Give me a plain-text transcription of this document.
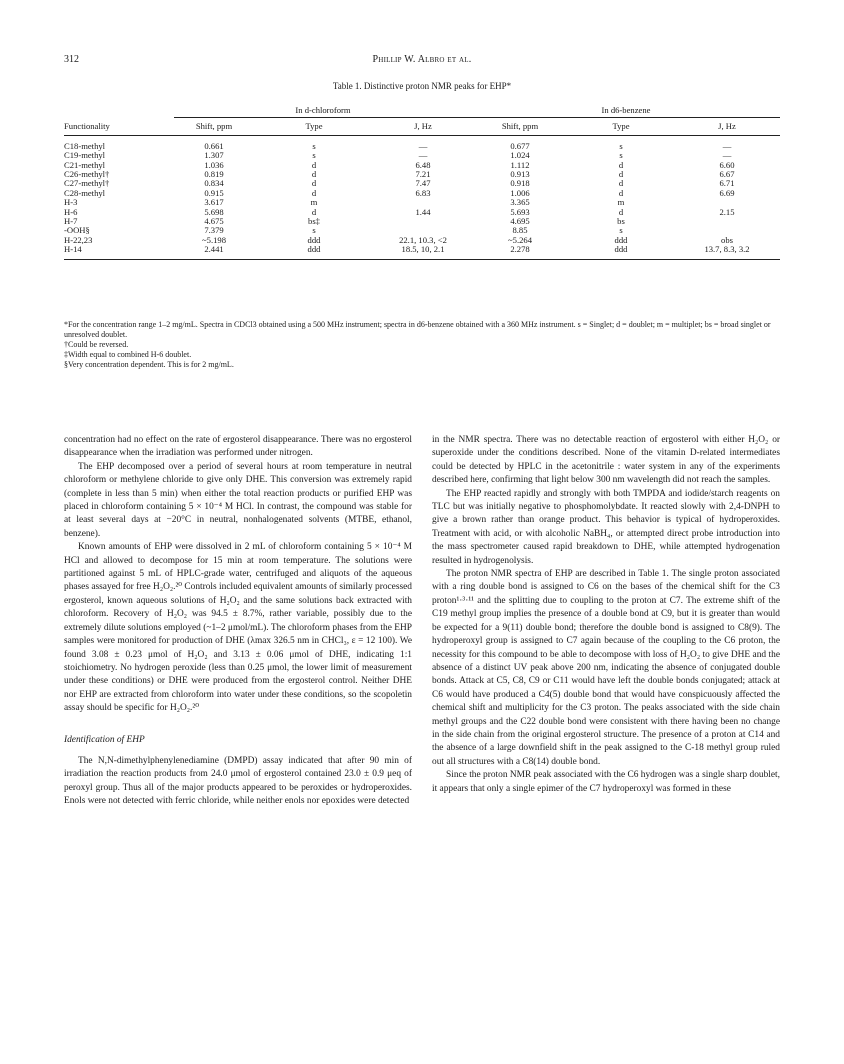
312	Phillip W. Albro et al.
Table 1. Distinctive proton NMR peaks for EHP*
	In d-chloroform			In d6-benzene		
Functionality	Shift, ppm	Type	J, Hz	Shift, ppm	Type	J, Hz

C18-methyl	0.661	s	—	0.677	s	—
C19-methyl	1.307	s	—	1.024	s	—
C21-methyl	1.036	d	6.48	1.112	d	6.60
C26-methyl†	0.819	d	7.21	0.913	d	6.67
C27-methyl†	0.834	d	7.47	0.918	d	6.71
C28-methyl	0.915	d	6.83	1.006	d	6.69
H-3	3.617	m		3.365	m	
H-6	5.698	d	1.44	5.693	d	2.15
H-7	4.675	bs‡		4.695	bs	
-OOH§	7.379	s		8.85	s	
H-22,23	~5.198	ddd	22.1, 10.3, <2	~5.264	ddd	obs
H-14	2.441	ddd	18.5, 10, 2.1	2.278	ddd	13.7, 8.3, 3.2
*For the concentration range 1–2 mg/mL. Spectra in CDCl3 obtained using a 500 MHz instrument; spectra in d6-benzene obtained with a 360 MHz instrument. s = Singlet; d = doublet; m = multiplet; bs = broad singlet or unresolved doublet.
†Could be reversed.
‡Width equal to combined H-6 doublet.
§Very concentration dependent. This is for 2 mg/mL.

concentration had no effect on the rate of ergosterol disappearance. There was no ergosterol disappearance when the irradiation was performed under nitrogen.

The EHP decomposed over a period of several hours at room temperature in neutral chloroform or methylene chloride to give only DHE. This conversion was extremely rapid (complete in less than 5 min) when either the total reaction products or purified EHP was placed in chloroform containing 5 × 10⁻⁴ M HCl. In contrast, the compound was stable for at least several days at −20°C in neutral, nonhalogenated solvents (MTBE, ethanol, benzene).

Known amounts of EHP were dissolved in 2 mL of chloroform containing 5 × 10⁻⁴ M HCl and allowed to decompose for 15 min at room temperature. The solutions were partitioned against 5 mL of HPLC-grade water, centrifuged and aliquots of the aqueous phases assayed for free H₂O₂.²⁰ Controls included equivalent amounts of similarly processed ergosterol, known aqueous solutions of H₂O₂ and the same solutions back extracted with chloroform. Recovery of H₂O₂ was 94.5 ± 8.7%, rather variable, possibly due to the extremely dilute solutions employed (~1–2 μmol/mL). The chloroform phases from the EHP samples were monitored for production of DHE (λmax 326.5 nm in CHCl₃, ε = 12 100). We found 3.08 ± 0.23 μmol of H₂O₂ and 3.13 ± 0.06 μmol of DHE, indicating 1:1 stoichiometry. No hydrogen peroxide (less than 0.25 μmol, the lower limit of measurement under these conditions) or DHE were produced from the ergosterol control. Neither DHE nor EHP are extracted from chloroform into water under these conditions, so the scopoletin assay should be specific for H₂O₂.²⁰

Identification of EHP

The N,N-dimethylphenylenediamine (DMPD) assay indicated that after 90 min of irradiation the reaction products from 24.0 μmol of ergosterol contained 23.0 ± 0.9 μeq of peroxyl group. Thus all of the major products appeared to be peroxides or hydroperoxides. Enols were not detected with ferric chloride, while neither enols nor epoxides were detected

in the NMR spectra. There was no detectable reaction of ergosterol with either H₂O₂ or superoxide under the conditions described. None of the vitamin D-related intermediates could be detected by HPLC in the acetonitrile : water system in any of the experiments described here, confirming that light below 300 nm wavelength did not reach the samples.

The EHP reacted rapidly and strongly with both TMPDA and iodide/starch reagents on TLC but was initially negative to phosphomolybdate. It reacted slowly with 2,4-DNPH to give a brown rather than orange product. This behavior is typical of hydroperoxides. Treatment with acid, or with alcoholic NaBH₄, or attempted direct probe introduction into the mass spectrometer caused rapid breakdown to DHE, while attempted hydrogenation resulted in hydrogenolysis.

The proton NMR spectra of EHP are described in Table 1. The single proton associated with a ring double bond is assigned to C6 on the bases of the chemical shift for the C3 proton¹·³·¹¹ and the splitting due to coupling to the proton at C7. The extreme shift of the C19 methyl group implies the presence of a double bond at C9, but it is greater than would be expected for a 9(11) double bond; therefore the double bond is assigned to C8(9). The hydroperoxyl group is assigned to C7 again because of the coupling to the C6 proton, the necessity for this compound to be able to decompose with loss of H₂O₂ to give DHE and the absence of a distinct UV peak above 200 nm, indicating the absence of conjugated double bonds. Attack at C5, C8, C9 or C11 would have left the double bonds conjugated; attack at C6 would have produced a C4(5) double bond that would have conspicuously affected the chemical shift and multiplicity for the C3 proton. The peaks associated with the side chain methyl groups and the C22 double bond were consistent with there having been no change in the side chain from the original ergosterol structure. The presence of a proton at C14 and the absence of a large downfield shift in the peak assigned to the C-18 methyl group ruled out all structures with a C8(14) double bond.

Since the proton NMR peak associated with the C6 hydrogen was a single sharp doublet, it appears that only a single epimer of the C7 hydroperoxyl was formed in these
